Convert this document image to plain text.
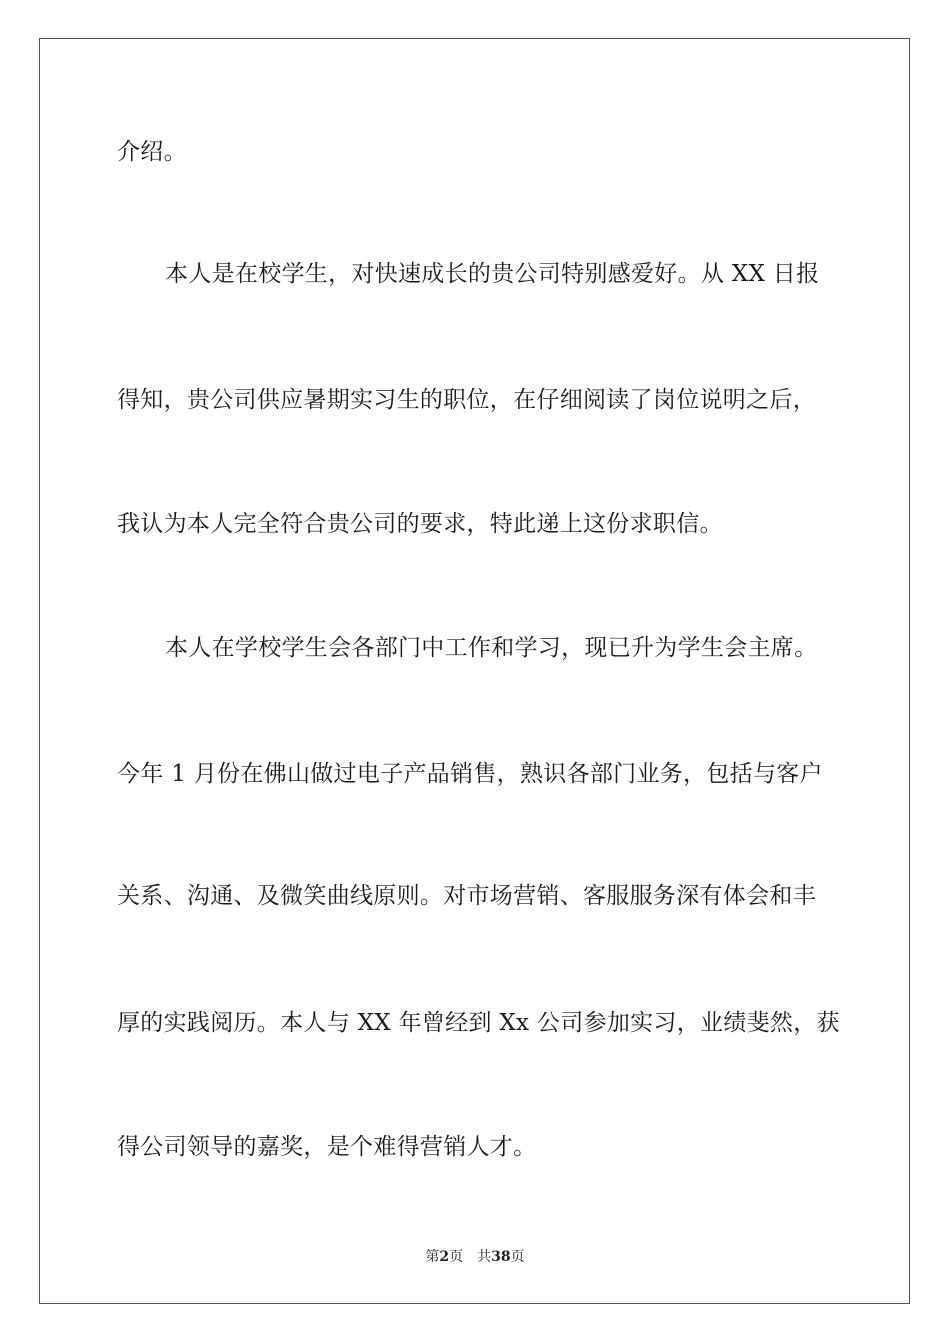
介绍。
本人是在校学生，对快速成长的贵公司特别感爱好。从 XX 日报
得知，贵公司供应暑期实习生的职位，在仔细阅读了岗位说明之后，
我认为本人完全符合贵公司的要求，特此递上这份求职信。
本人在学校学生会各部门中工作和学习，现已升为学生会主席。
今年 1 月份在佛山做过电子产品销售，熟识各部门业务，包括与客户
关系、沟通、及微笑曲线原则。对市场营销、客服服务深有体会和丰
厚的实践阅历。本人与 XX 年曾经到 Xx 公司参加实习，业绩斐然，获
得公司领导的嘉奖，是个难得营销人才。
第2页 共38页
